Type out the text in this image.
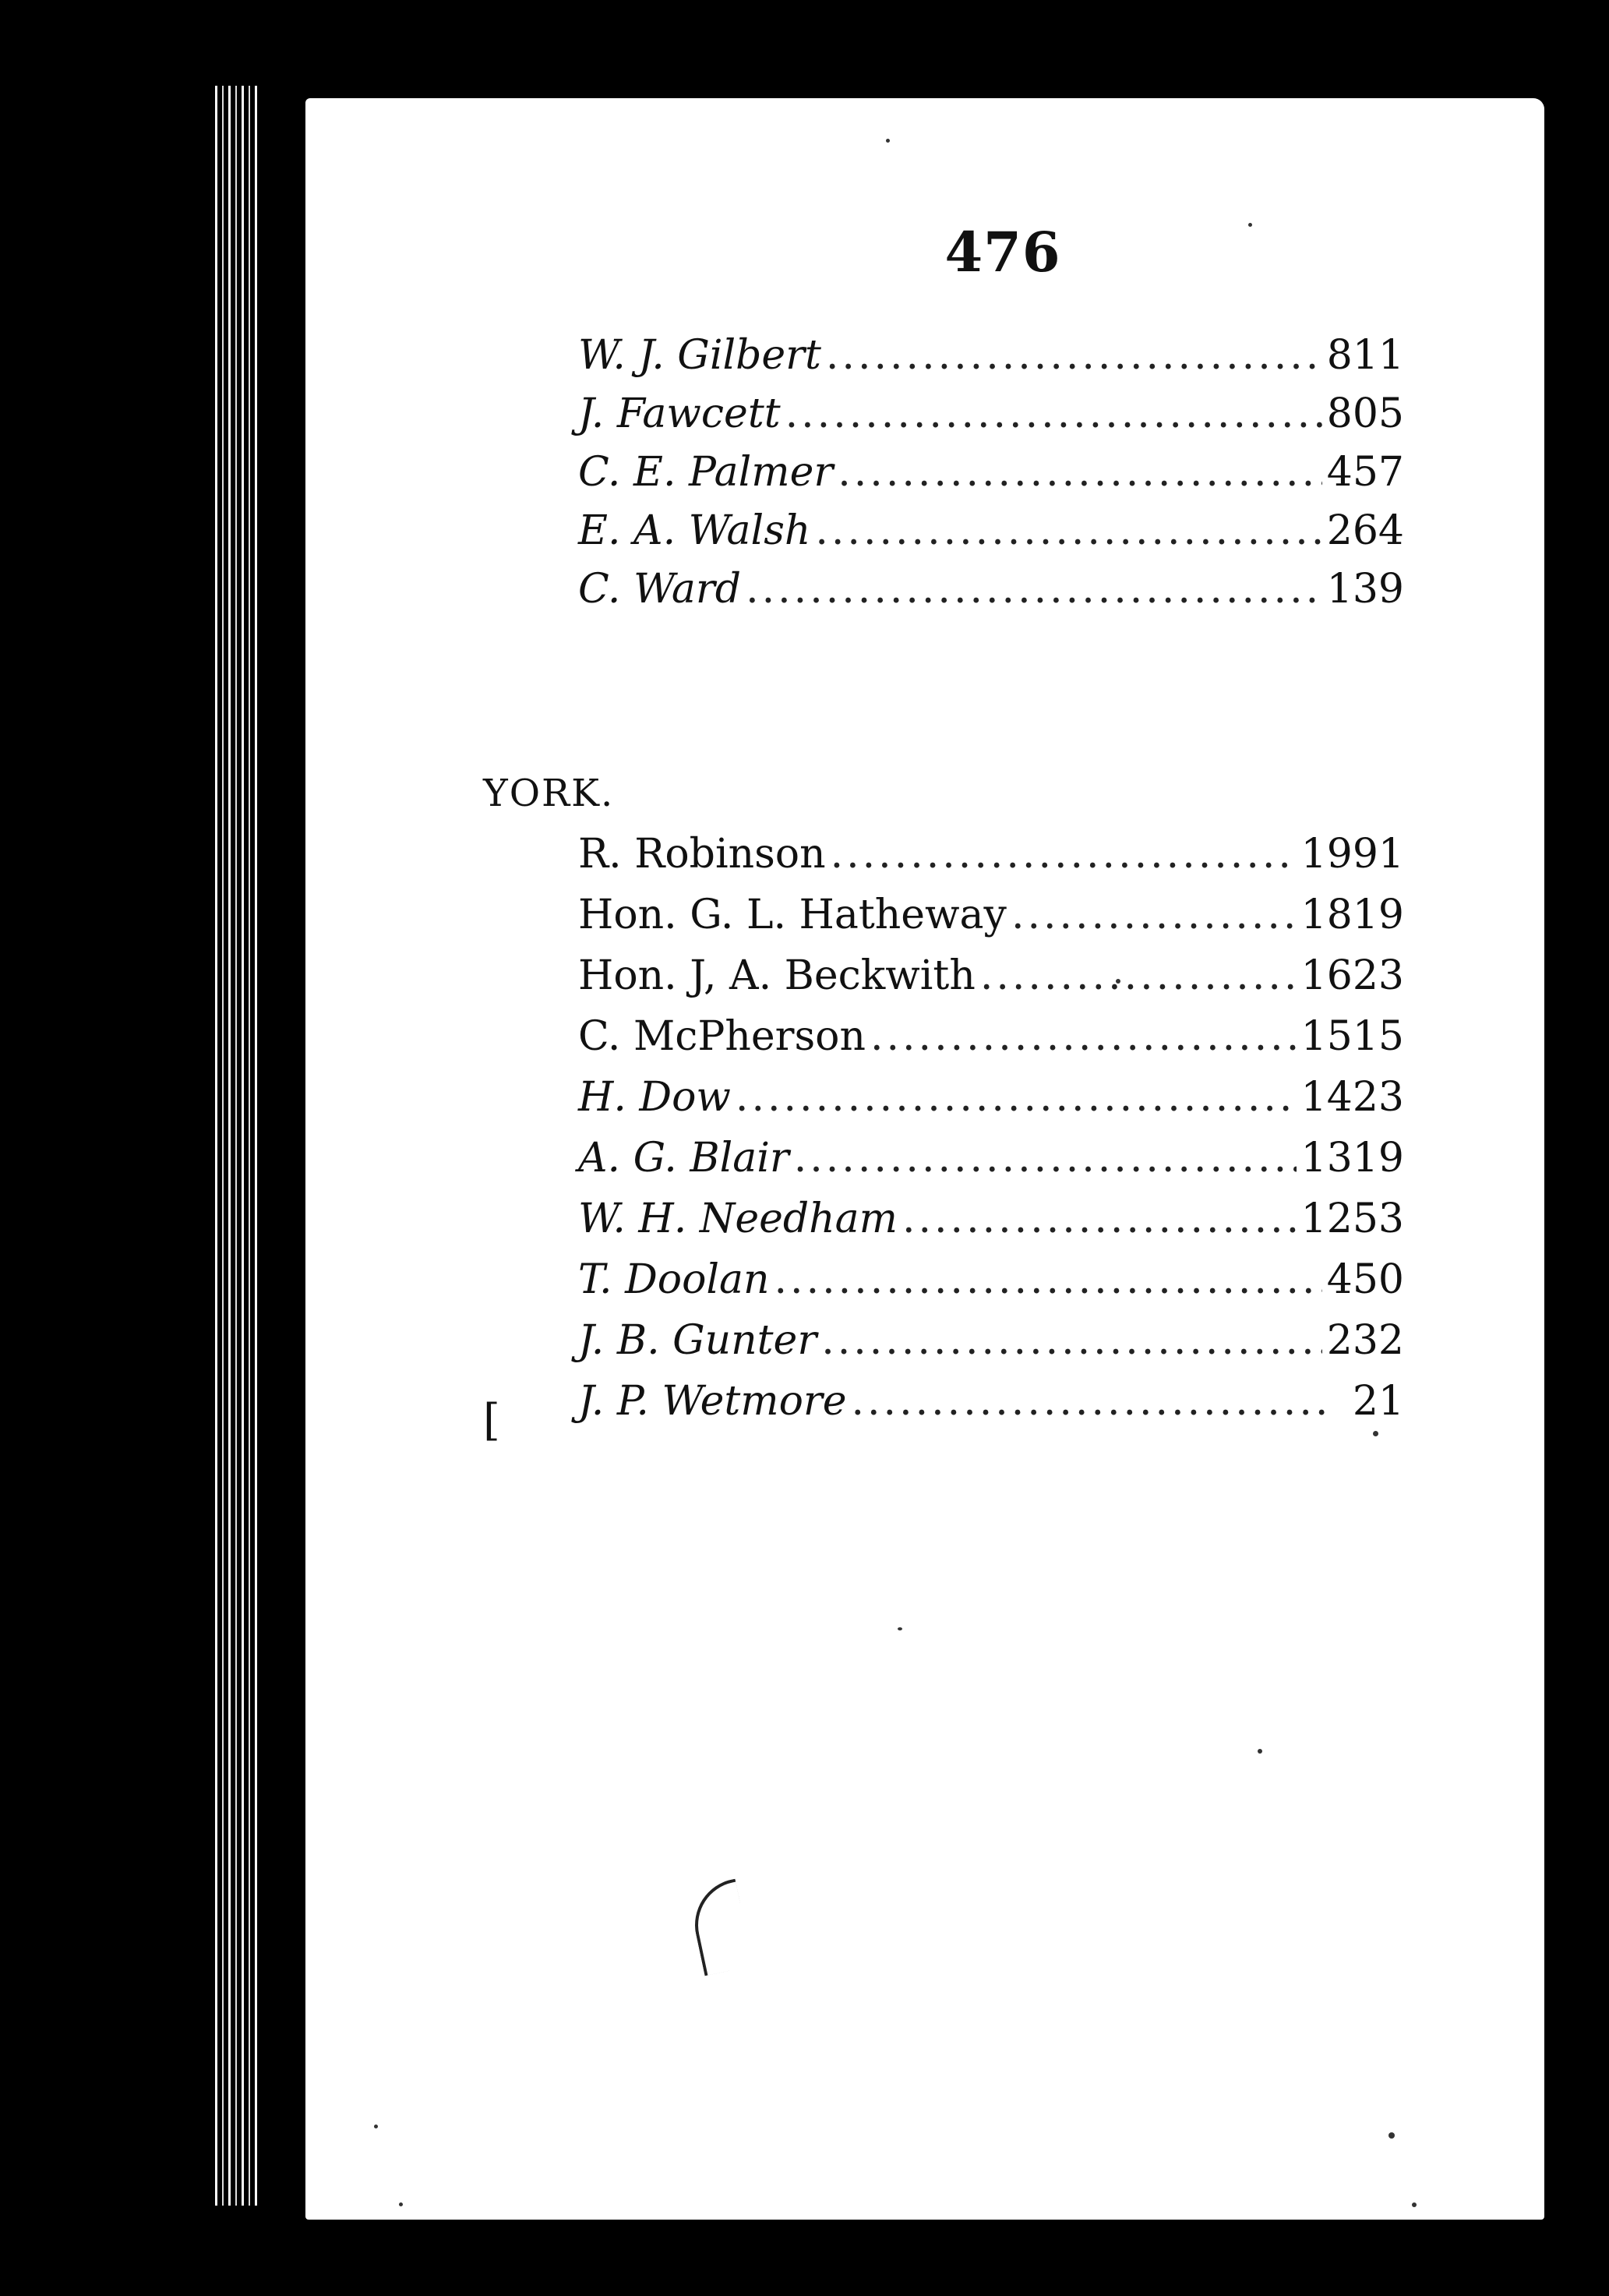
476
W. J. Gilbert .....	811
J. Fawcett .....	805
C. E. Palmer .....	457
E. A. Walsh .....	264
C. Ward .....	139
YORK.
R. Robinson .....	1991
Hon. G. L. Hatheway .....	1819
Hon. J, A. Beckwith .....	1623
C. McPherson .....	1515
H. Dow .....	1423
A. G. Blair .....	1319
W. H. Needham .....	1253
T. Doolan .....	450
J. B. Gunter .....	232
J. P. Wetmore .....	21
[
